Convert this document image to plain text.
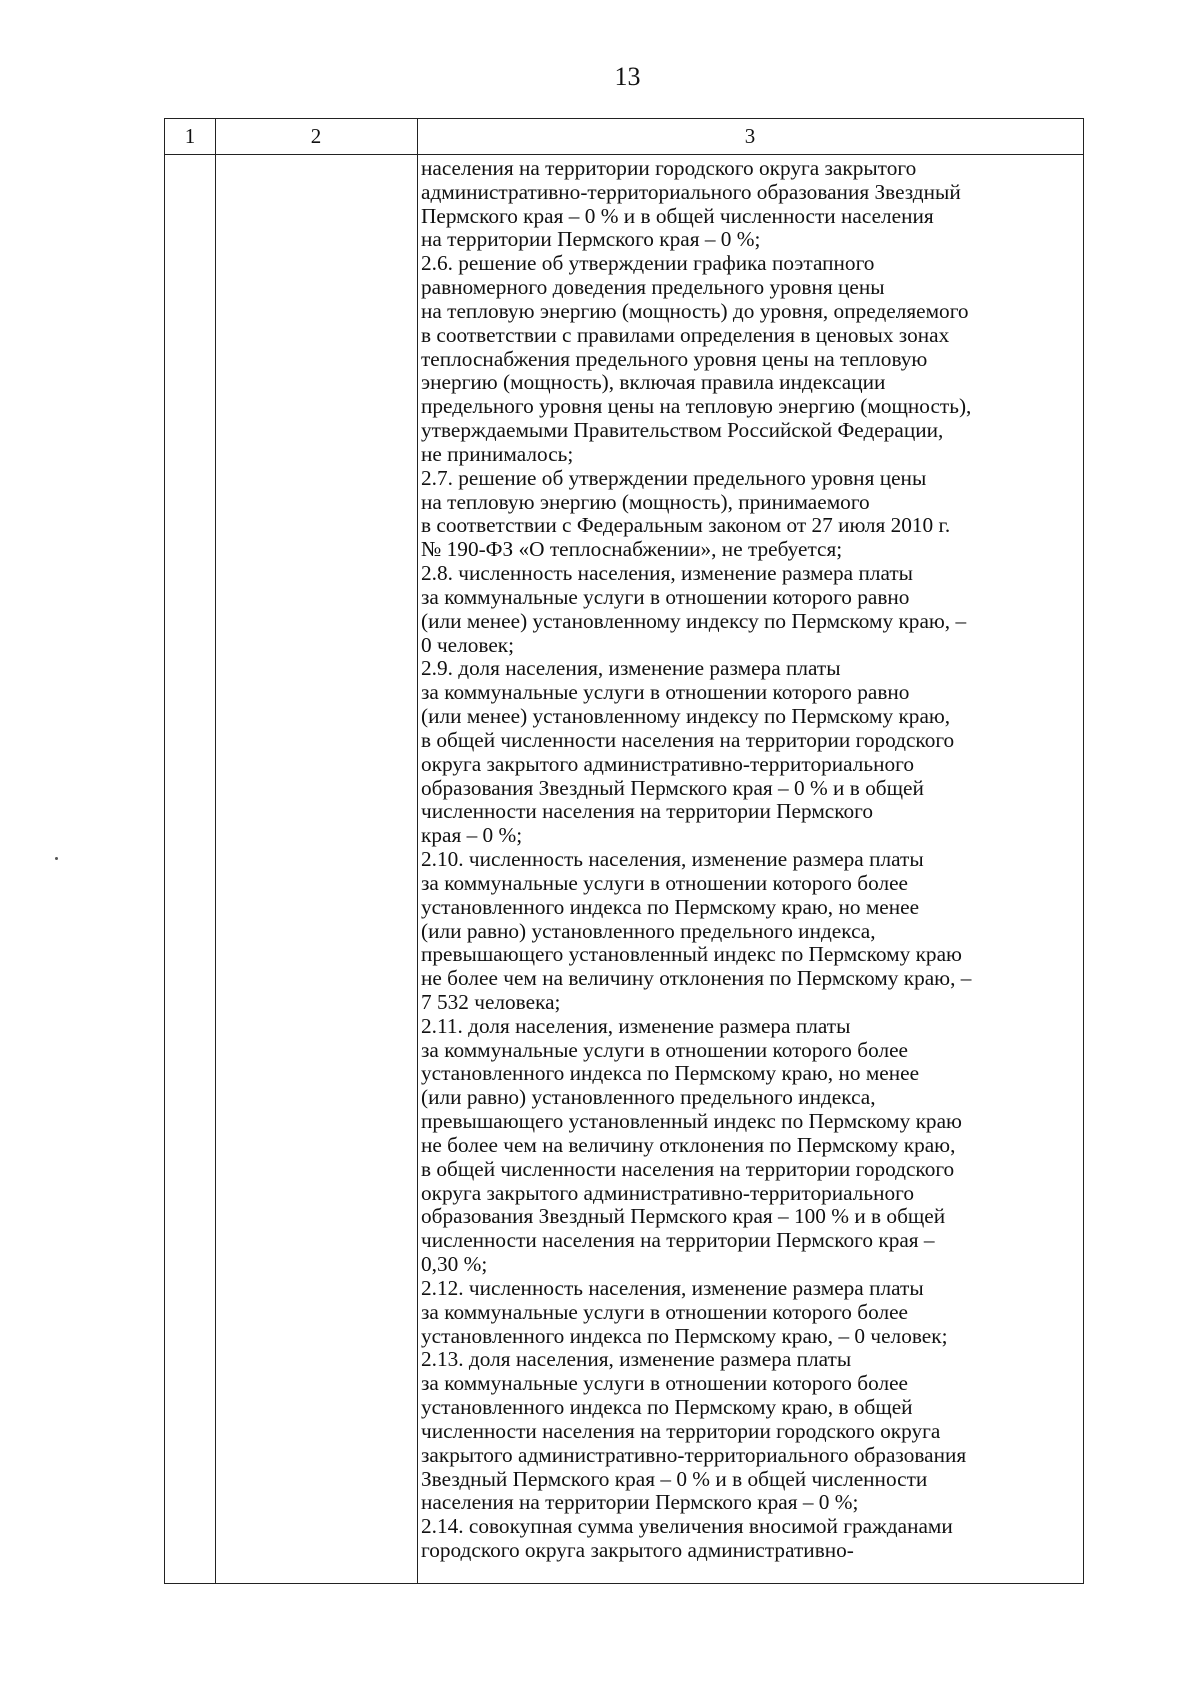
13
1	2	3
населения на территории городского округа закрытого
административно-территориального образования Звездный
Пермского края – 0 % и в общей численности населения
на территории Пермского края – 0 %;
2.6. решение об утверждении графика поэтапного
равномерного доведения предельного уровня цены
на тепловую энергию (мощность) до уровня, определяемого
в соответствии с правилами определения в ценовых зонах
теплоснабжения предельного уровня цены на тепловую
энергию (мощность), включая правила индексации
предельного уровня цены на тепловую энергию (мощность),
утверждаемыми Правительством Российской Федерации,
не принималось;
2.7. решение об утверждении предельного уровня цены
на тепловую энергию (мощность), принимаемого
в соответствии с Федеральным законом от 27 июля 2010 г.
№ 190-ФЗ «О теплоснабжении», не требуется;
2.8. численность населения, изменение размера платы
за коммунальные услуги в отношении которого равно
(или менее) установленному индексу по Пермскому краю, –
0 человек;
2.9. доля населения, изменение размера платы
за коммунальные услуги в отношении которого равно
(или менее) установленному индексу по Пермскому краю,
в общей численности населения на территории городского
округа закрытого административно-территориального
образования Звездный Пермского края – 0 % и в общей
численности населения на территории Пермского
края – 0 %;
2.10. численность населения, изменение размера платы
за коммунальные услуги в отношении которого более
установленного индекса по Пермскому краю, но менее
(или равно) установленного предельного индекса,
превышающего установленный индекс по Пермскому краю
не более чем на величину отклонения по Пермскому краю, –
7 532 человека;
2.11. доля населения, изменение размера платы
за коммунальные услуги в отношении которого более
установленного индекса по Пермскому краю, но менее
(или равно) установленного предельного индекса,
превышающего установленный индекс по Пермскому краю
не более чем на величину отклонения по Пермскому краю,
в общей численности населения на территории городского
округа закрытого административно-территориального
образования Звездный Пермского края – 100 % и в общей
численности населения на территории Пермского края –
0,30 %;
2.12. численность населения, изменение размера платы
за коммунальные услуги в отношении которого более
установленного индекса по Пермскому краю, – 0 человек;
2.13. доля населения, изменение размера платы
за коммунальные услуги в отношении которого более
установленного индекса по Пермскому краю, в общей
численности населения на территории городского округа
закрытого административно-территориального образования
Звездный Пермского края – 0 % и в общей численности
населения на территории Пермского края – 0 %;
2.14. совокупная сумма увеличения вносимой гражданами
городского округа закрытого административно-
